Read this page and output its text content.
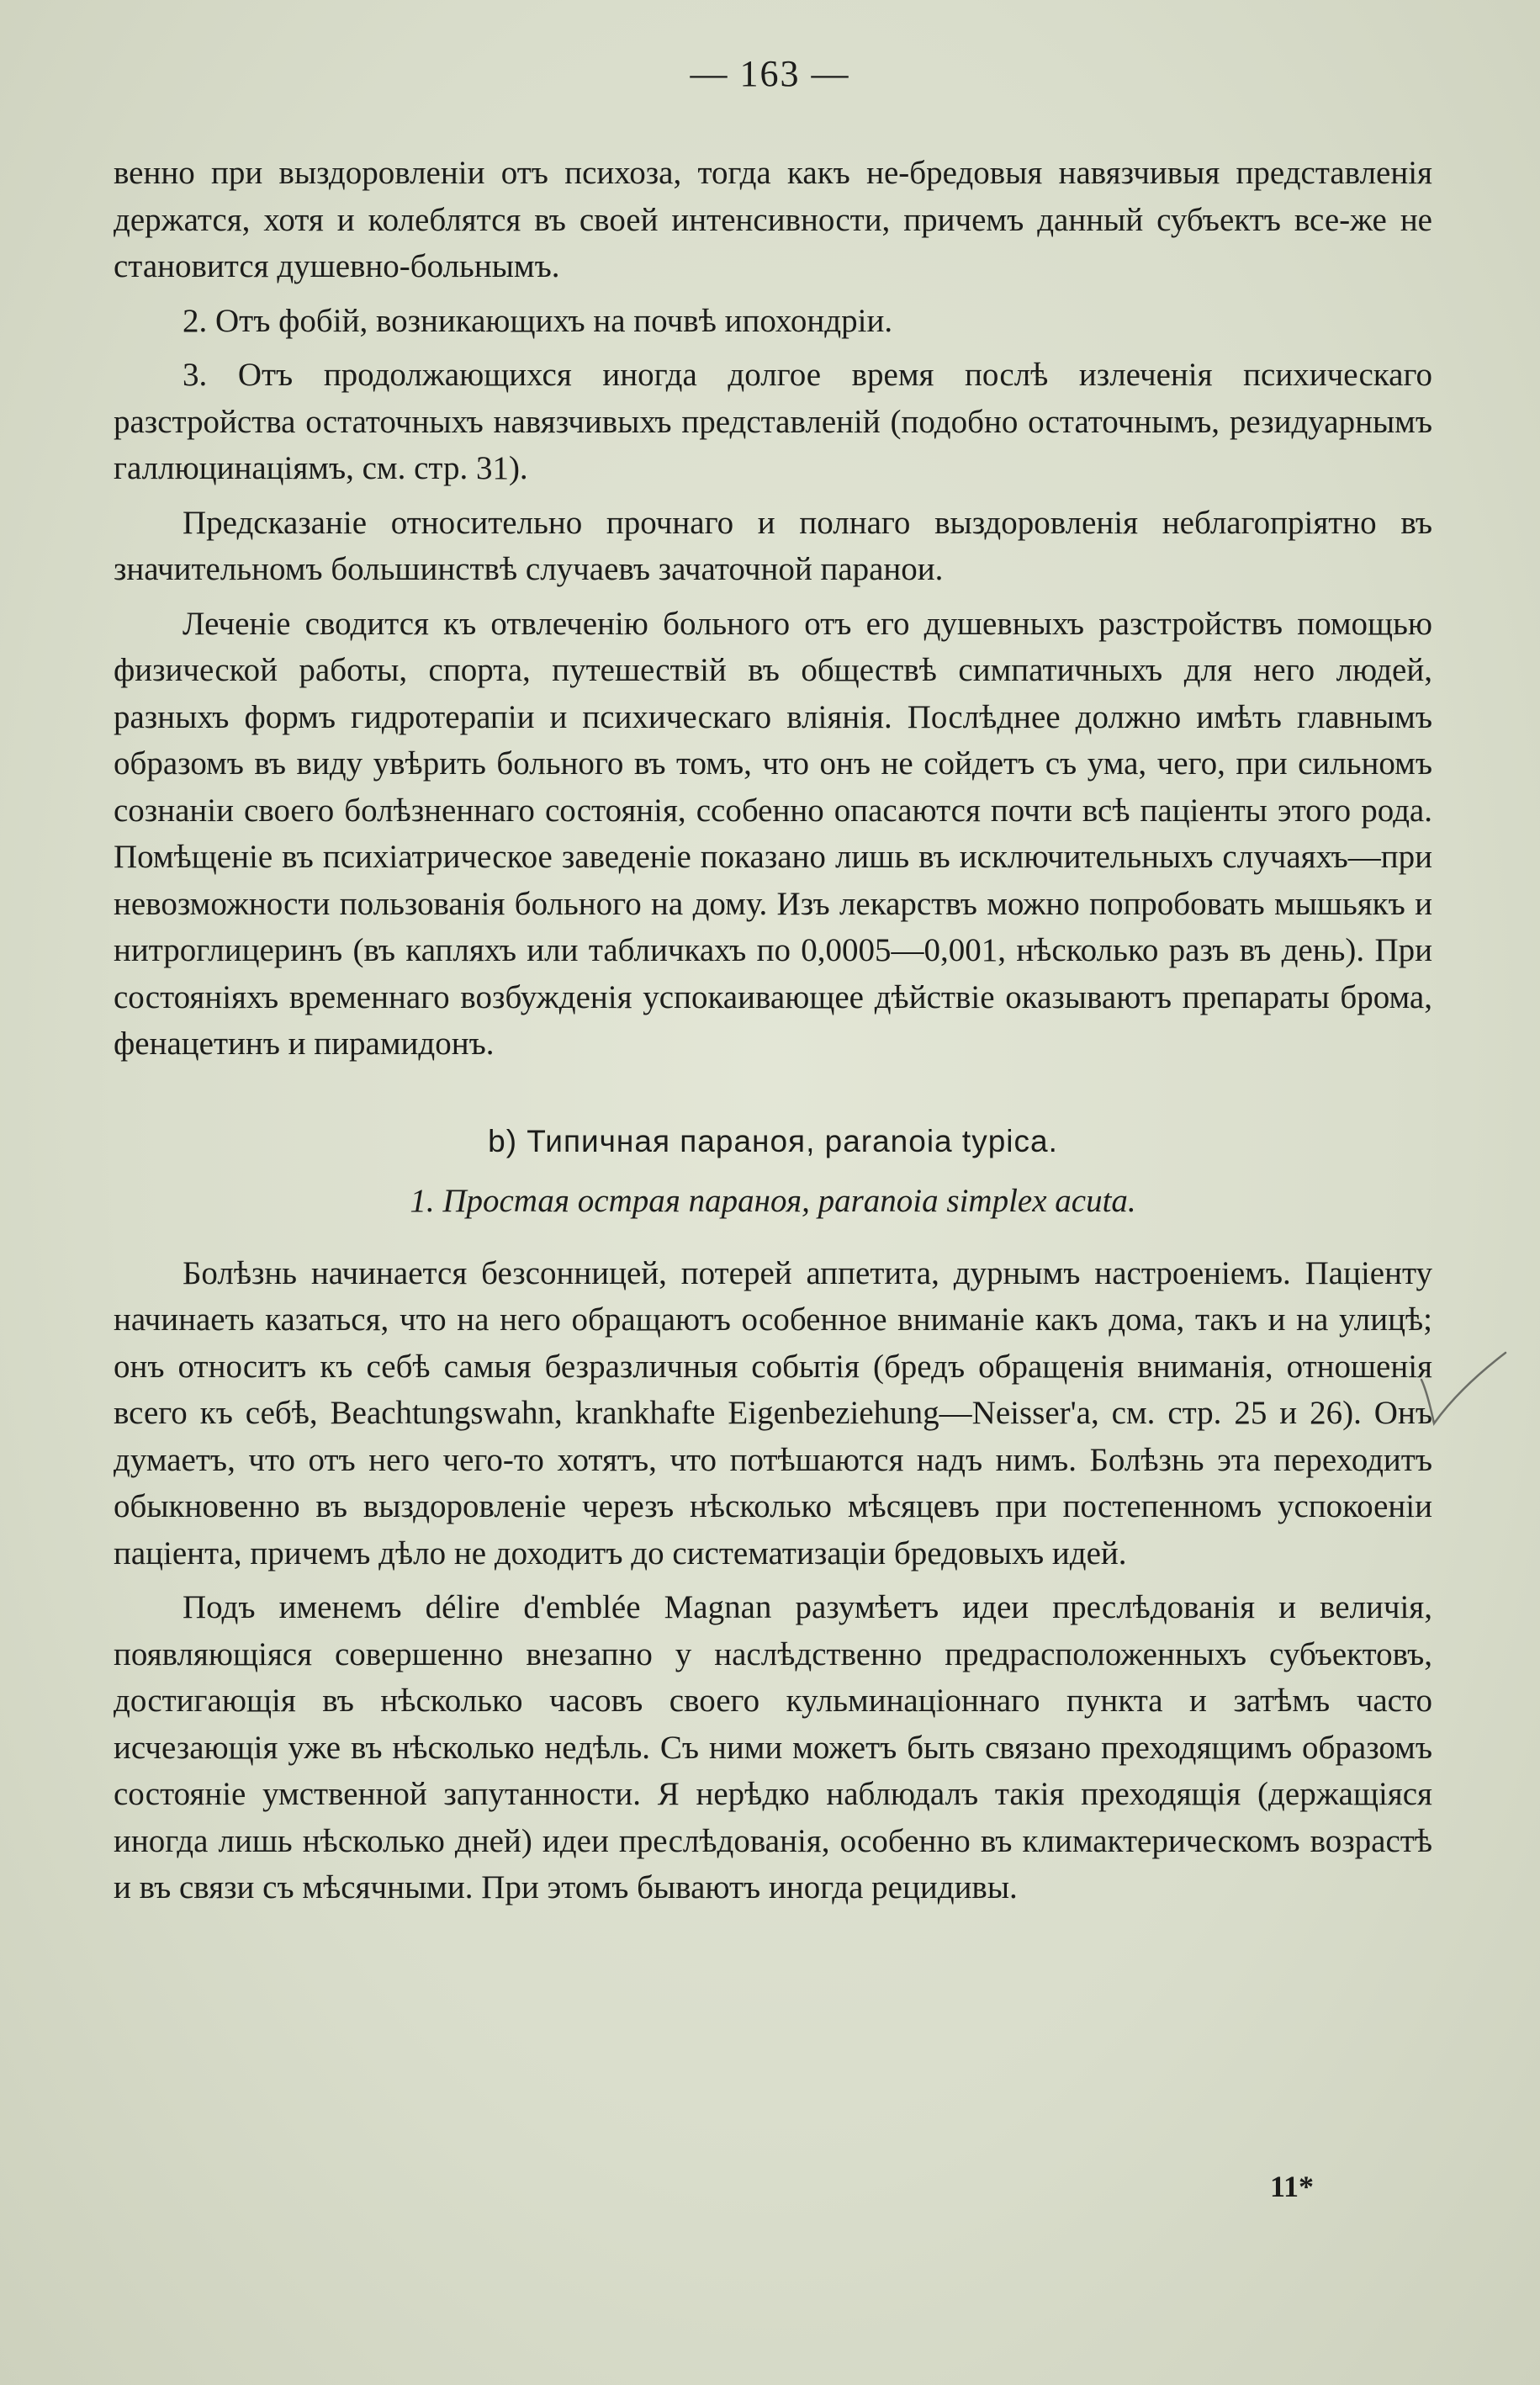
— 163 —

венно при выздоровленіи отъ психоза, тогда какъ не-бредовыя навязчивыя представленія держатся, хотя и колеблятся въ своей интенсивности, причемъ данный субъектъ все-же не становится душевно-больнымъ.

2. Отъ фобій, возникающихъ на почвѣ ипохондріи.

3. Отъ продолжающихся иногда долгое время послѣ излеченія психическаго разстройства остаточныхъ навязчивыхъ представленій (подобно остаточнымъ, резидуарнымъ галлюцинаціямъ, см. стр. 31).

Предсказаніе относительно прочнаго и полнаго выздоровленія неблагопріятно въ значительномъ большинствѣ случаевъ зачаточной паранои.

Леченіе сводится къ отвлеченію больного отъ его душевныхъ разстройствъ помощью физической работы, спорта, путешествій въ обществѣ симпатичныхъ для него людей, разныхъ формъ гидротерапіи и психическаго вліянія. Послѣднее должно имѣть главнымъ образомъ въ виду увѣрить больного въ томъ, что онъ не сойдетъ съ ума, чего, при сильномъ сознаніи своего болѣзненнаго состоянія, ссобенно опасаются почти всѣ паціенты этого рода. Помѣщеніе въ психіатрическое заведеніе показано лишь въ исключительныхъ случаяхъ—при невозможности пользованія больного на дому. Изъ лекарствъ можно попробовать мышьякъ и нитроглицеринъ (въ капляхъ или табличкахъ по 0,0005—0,001, нѣсколько разъ въ день). При состояніяхъ временнаго возбужденія успокаивающее дѣйствіе оказываютъ препараты брома, фенацетинъ и пирамидонъ.

b) Типичная параноя, paranoia typica.

1. Простая острая параноя, paranoia simplex acuta.

Болѣзнь начинается безсонницей, потерей аппетита, дурнымъ настроеніемъ. Паціенту начинаеть казаться, что на него обращаютъ особенное вниманіе какъ дома, такъ и на улицѣ; онъ относитъ къ себѣ самыя безразличныя событія (бредъ обращенія вниманія, отношенія всего къ себѣ, Beachtungswahn, krankhafte Eigenbeziehung—Neisser'а, см. стр. 25 и 26). Онъ думаетъ, что отъ него чего-то хотятъ, что потѣшаются надъ нимъ. Болѣзнь эта переходитъ обыкновенно въ выздоровленіе черезъ нѣсколько мѣсяцевъ при постепенномъ успокоеніи паціента, причемъ дѣло не доходитъ до систематизаціи бредовыхъ идей.

Подъ именемъ délire d'emblée Magnan разумѣетъ идеи преслѣдованія и величія, появляющіяся совершенно внезапно у наслѣдственно предрасположенныхъ субъектовъ, достигающія въ нѣсколько часовъ своего кульминаціоннаго пункта и затѣмъ часто исчезающія уже въ нѣсколько недѣль. Съ ними можетъ быть связано преходящимъ образомъ состояніе умственной запутанности. Я нерѣдко наблюдалъ такія преходящія (держащіяся иногда лишь нѣсколько дней) идеи преслѣдованія, особенно въ климактерическомъ возрастѣ и въ связи съ мѣсячными. При этомъ бываютъ иногда рецидивы.

11*
